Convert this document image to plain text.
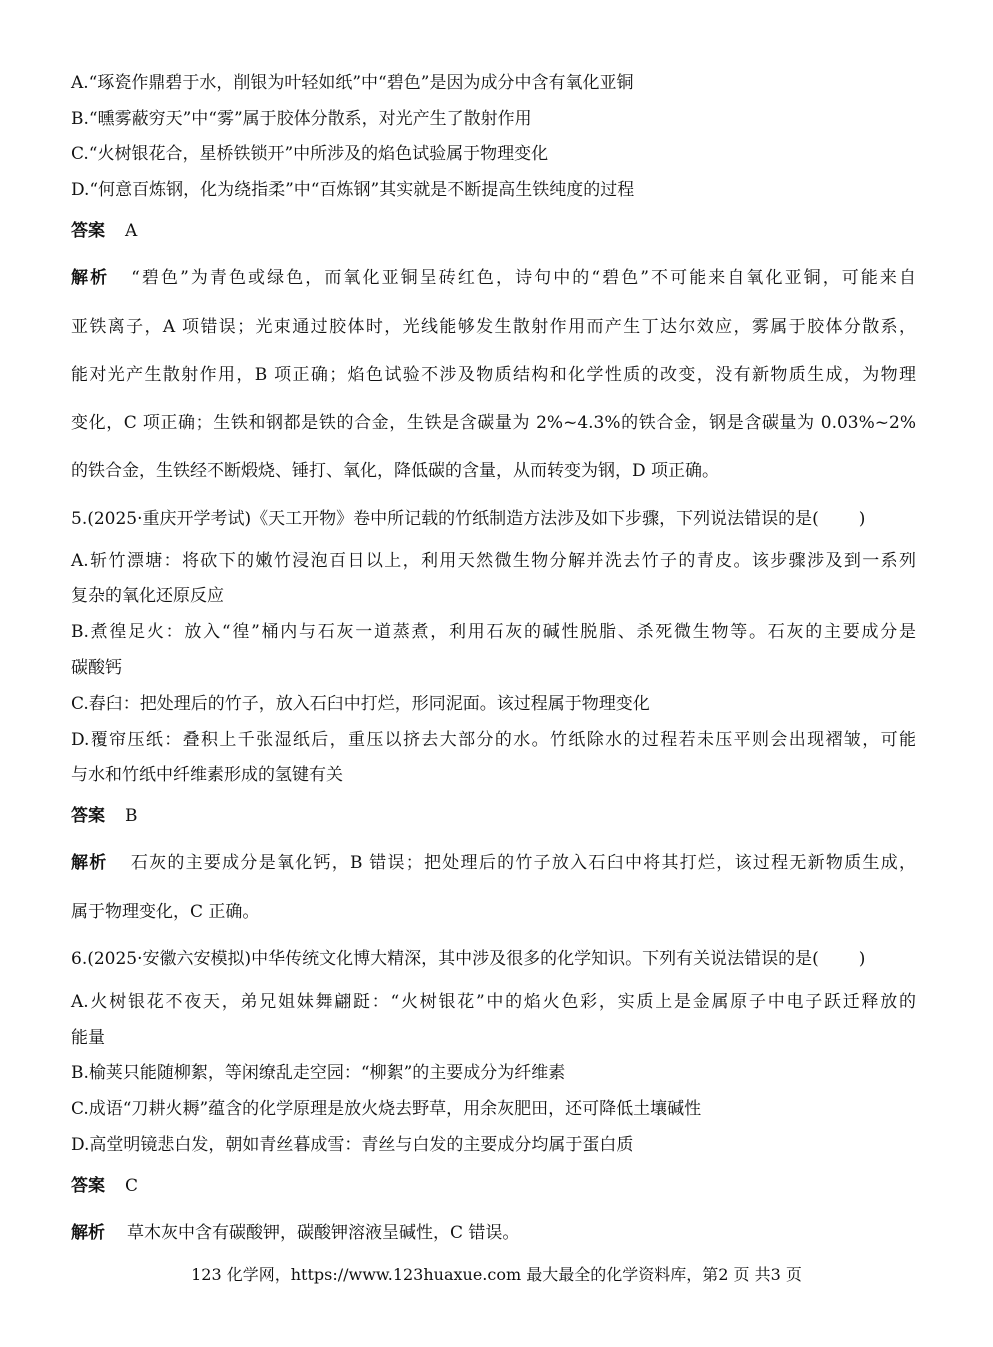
A.“琢瓷作鼎碧于水，削银为叶轻如纸”中“碧色”是因为成分中含有氧化亚铜
B.“曛雾蔽穷天”中“雾”属于胶体分散系，对光产生了散射作用
C.“火树银花合，星桥铁锁开”中所涉及的焰色试验属于物理变化
D.“何意百炼钢，化为绕指柔”中“百炼钢”其实就是不断提高生铁纯度的过程
答案 A
解析 “碧色”为青色或绿色，而氧化亚铜呈砖红色，诗句中的“碧色”不可能来自氧化亚铜，可能来自
亚铁离子，A 项错误；光束通过胶体时，光线能够发生散射作用而产生丁达尔效应，雾属于胶体分散系，
能对光产生散射作用，B 项正确；焰色试验不涉及物质结构和化学性质的改变，没有新物质生成，为物理
变化，C 项正确；生铁和钢都是铁的合金，生铁是含碳量为 2%~4.3%的铁合金，钢是含碳量为 0.03%~2%
的铁合金，生铁经不断煅烧、锤打、氧化，降低碳的含量，从而转变为钢，D 项正确。
5.(2025·重庆开学考试)《天工开物》卷中所记载的竹纸制造方法涉及如下步骤，下列说法错误的是( )
A.斩竹漂塘：将砍下的嫩竹浸泡百日以上，利用天然微生物分解并洗去竹子的青皮。该步骤涉及到一系列
复杂的氧化还原反应
B.煮徨足火：放入“徨”桶内与石灰一道蒸煮，利用石灰的碱性脱脂、杀死微生物等。石灰的主要成分是
碳酸钙
C.舂臼：把处理后的竹子，放入石臼中打烂，形同泥面。该过程属于物理变化
D.覆帘压纸：叠积上千张湿纸后，重压以挤去大部分的水。竹纸除水的过程若未压平则会出现褶皱，可能
与水和竹纸中纤维素形成的氢键有关
答案 B
解析 石灰的主要成分是氧化钙，B 错误；把处理后的竹子放入石臼中将其打烂，该过程无新物质生成，
属于物理变化，C 正确。
6.(2025·安徽六安模拟)中华传统文化博大精深，其中涉及很多的化学知识。下列有关说法错误的是( )
A.火树银花不夜天，弟兄姐妹舞翩跹：“火树银花”中的焰火色彩，实质上是金属原子中电子跃迁释放的
能量
B.榆荚只能随柳絮，等闲缭乱走空园：“柳絮”的主要成分为纤维素
C.成语“刀耕火耨”蕴含的化学原理是放火烧去野草，用余灰肥田，还可降低土壤碱性
D.高堂明镜悲白发，朝如青丝暮成雪：青丝与白发的主要成分均属于蛋白质
答案 C
解析 草木灰中含有碳酸钾，碳酸钾溶液呈碱性，C 错误。
123 化学网，https://www.123huaxue.com 最大最全的化学资料库，第2 页 共3 页
